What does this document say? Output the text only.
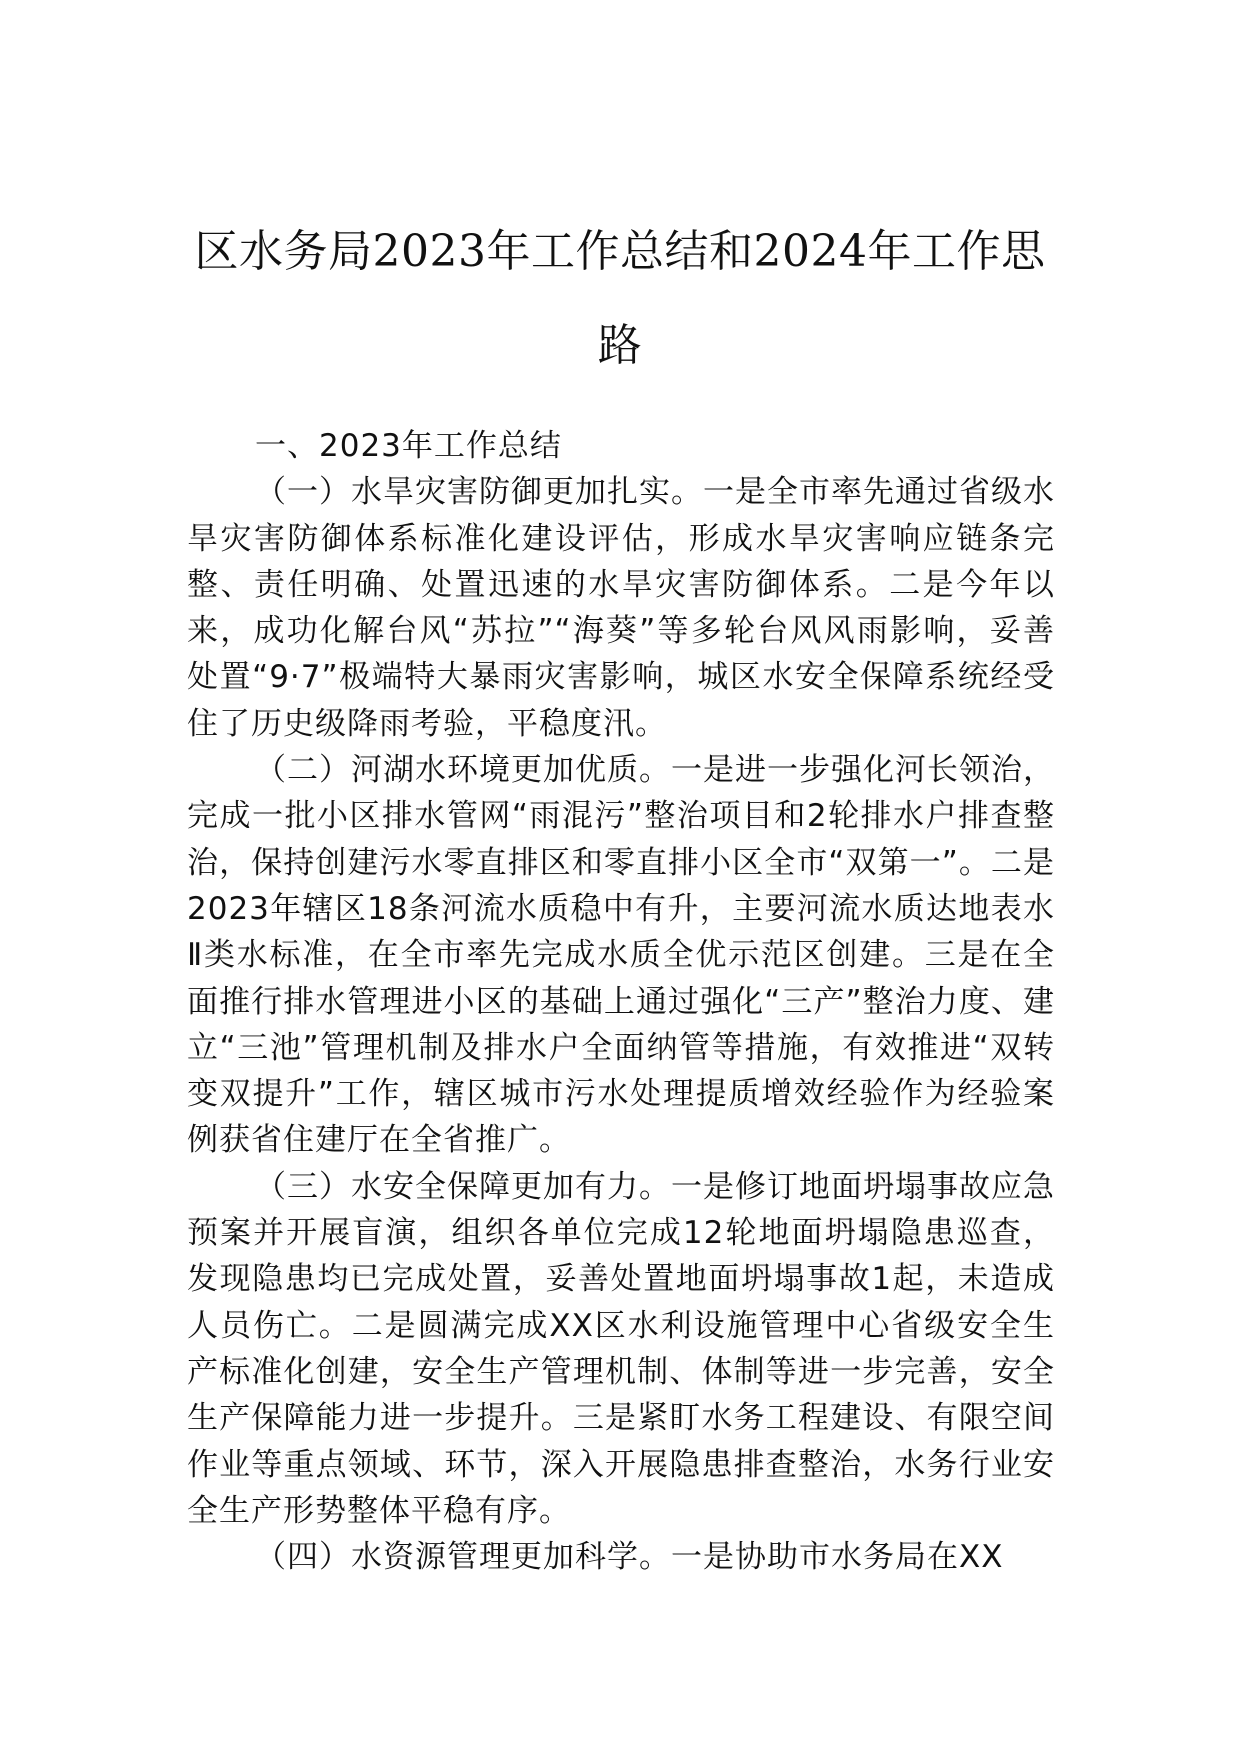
区水务局2023年工作总结和2024年工作思
路
一、2023年工作总结

（一）水旱灾害防御更加扎实。一是全市率先通过省级水旱灾害防御体系标准化建设评估，形成水旱灾害响应链条完整、责任明确、处置迅速的水旱灾害防御体系。二是今年以来，成功化解台风“苏拉”“海葵”等多轮台风风雨影响，妥善处置“9·7”极端特大暴雨灾害影响，城区水安全保障系统经受住了历史级降雨考验，平稳度汛。

（二）河湖水环境更加优质。一是进一步强化河长领治，完成一批小区排水管网“雨混污”整治项目和2轮排水户排查整治，保持创建污水零直排区和零直排小区全市“双第一”。二是2023年辖区18条河流水质稳中有升，主要河流水质达地表水Ⅱ类水标准，在全市率先完成水质全优示范区创建。三是在全面推行排水管理进小区的基础上通过强化“三产”整治力度、建立“三池”管理机制及排水户全面纳管等措施，有效推进“双转变双提升”工作，辖区城市污水处理提质增效经验作为经验案例获省住建厅在全省推广。

（三）水安全保障更加有力。一是修订地面坍塌事故应急预案并开展盲演，组织各单位完成12轮地面坍塌隐患巡查，发现隐患均已完成处置，妥善处置地面坍塌事故1起，未造成人员伤亡。二是圆满完成XX区水利设施管理中心省级安全生产标准化创建，安全生产管理机制、体制等进一步完善，安全生产保障能力进一步提升。三是紧盯水务工程建设、有限空间作业等重点领域、环节，深入开展隐患排查整治，水务行业安全生产形势整体平稳有序。

（四）水资源管理更加科学。一是协助市水务局在XX
